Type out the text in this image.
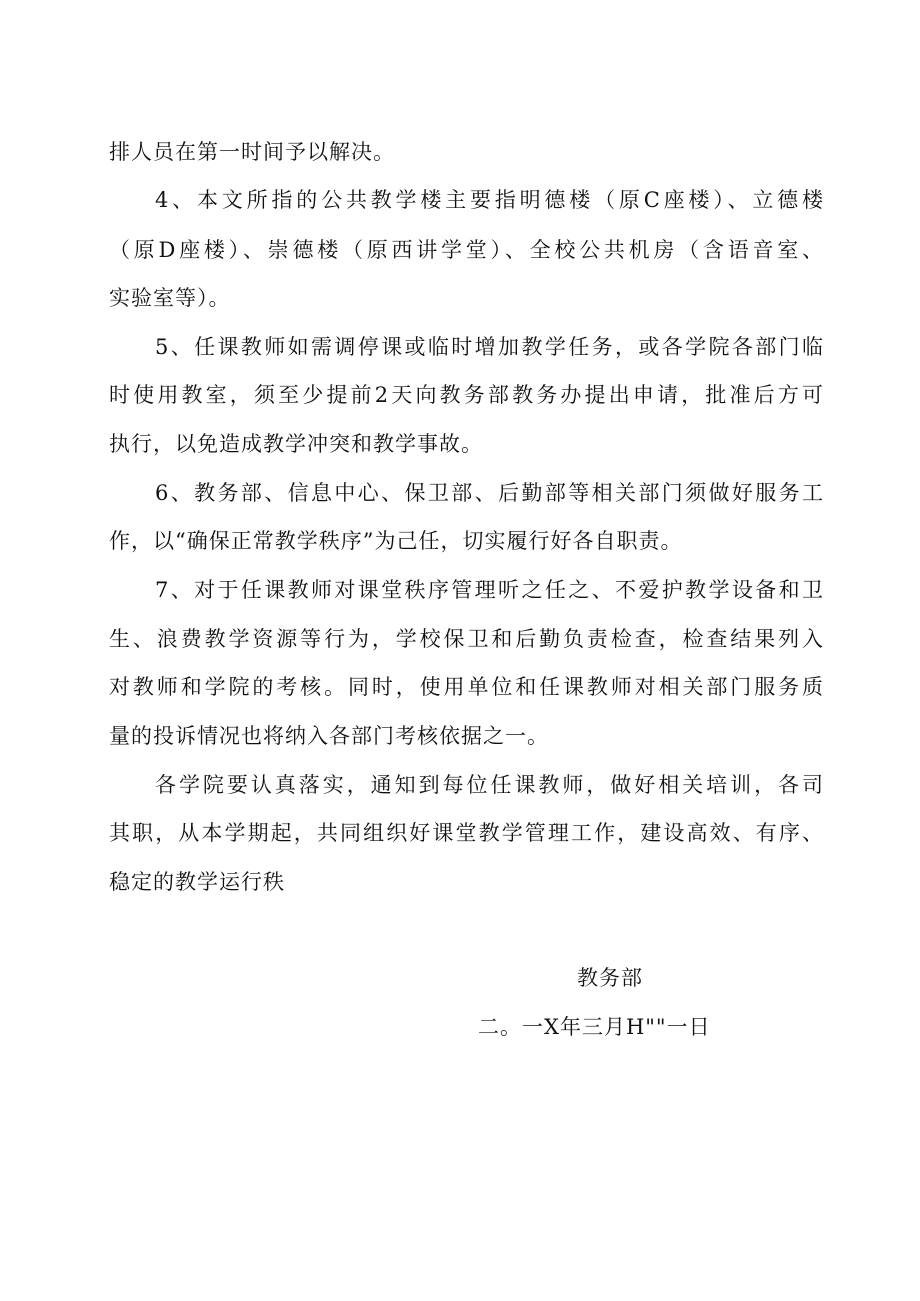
排人员在第一时间予以解决。
4、本文所指的公共教学楼主要指明德楼（原C座楼）、立德楼
（原D座楼）、崇德楼（原西讲学堂）、全校公共机房（含语音室、
实验室等）。
5、任课教师如需调停课或临时增加教学任务，或各学院各部门临
时使用教室，须至少提前2天向教务部教务办提出申请，批准后方可
执行，以免造成教学冲突和教学事故。
6、教务部、信息中心、保卫部、后勤部等相关部门须做好服务工
作，以“确保正常教学秩序”为己任，切实履行好各自职责。
7、对于任课教师对课堂秩序管理听之任之、不爱护教学设备和卫
生、浪费教学资源等行为，学校保卫和后勤负责检查，检查结果列入
对教师和学院的考核。同时，使用单位和任课教师对相关部门服务质
量的投诉情况也将纳入各部门考核依据之一。
各学院要认真落实，通知到每位任课教师，做好相关培训，各司
其职，从本学期起，共同组织好课堂教学管理工作，建设高效、有序、
稳定的教学运行秩
教务部
二。一X年三月H""一日
